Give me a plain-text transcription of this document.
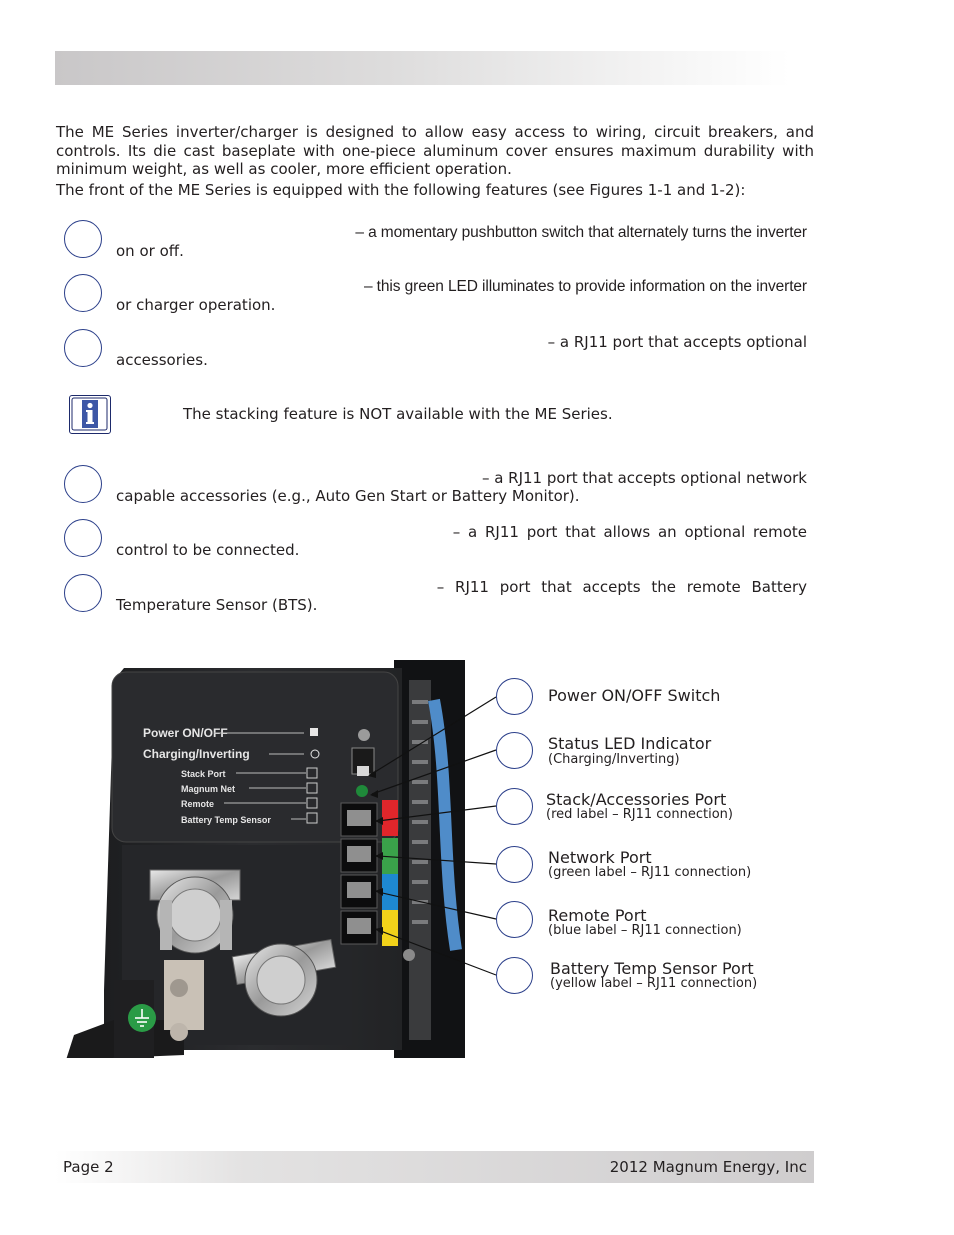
The ME Series inverter/charger is designed to allow easy access to wiring, circuit breakers, and controls. Its die cast baseplate with one-piece aluminum cover ensures maximum durability with minimum weight, as well as cooler, more efficient operation.

The front of the ME Series is equipped with the following features (see Figures 1-1 and 1-2):

– a momentary pushbutton switch that alternately turns the inverter
on or off.
– this green LED illuminates to provide information on the inverter
or charger operation.
– a RJ11 port that accepts optional
accessories.
The stacking feature is NOT available with the ME Series.
– a RJ11 port that accepts optional network
capable accessories (e.g., Auto Gen Start or Battery Monitor).
– a RJ11 port that allows an optional remote
control to be connected.
– RJ11 port that accepts the remote Battery
Temperature Sensor (BTS).
Power ON/OFF
Charging/Inverting
Stack Port
Magnum Net
Remote
Battery Temp Sensor
Power ON/OFF Switch
Status LED Indicator
(Charging/Inverting)
Stack/Accessories Port
(red label – RJ11 connection)
Network Port
(green label – RJ11 connection)
Remote Port
(blue label – RJ11 connection)
Battery Temp Sensor Port
(yellow label – RJ11 connection)
Page 2	2012 Magnum Energy, Inc
